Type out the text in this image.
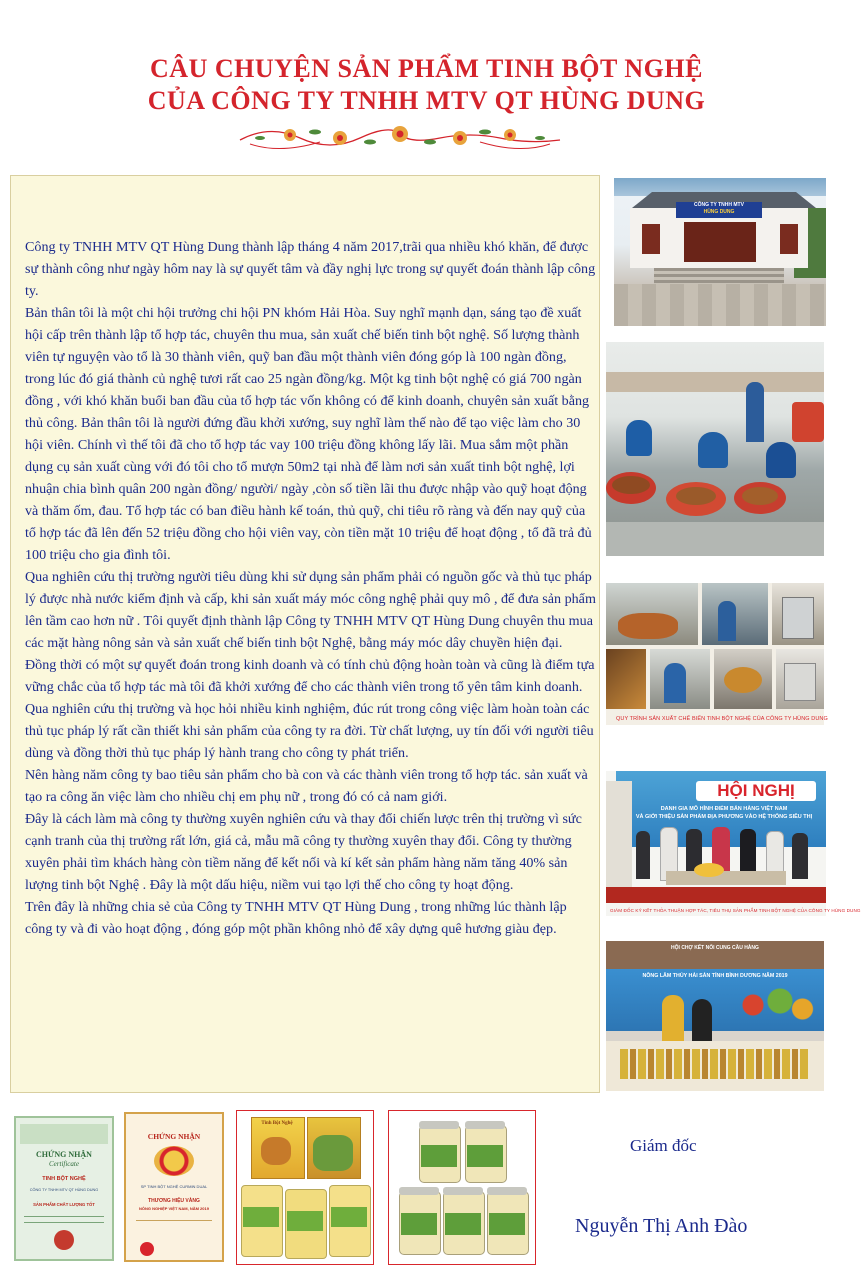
CÂU CHUYỆN SẢN PHẨM TINH BỘT NGHỆ
CỦA CÔNG TY TNHH MTV QT HÙNG DUNG

Công ty TNHH MTV QT Hùng Dung thành lập tháng 4 năm 2017,trãi qua nhiều khó khăn, để được sự thành công như ngày hôm nay là sự quyết tâm và đầy nghị lực trong sự quyết đoán thành lập công ty.

Bản thân tôi là một chi hội trưởng chi hội PN khóm Hải Hòa. Suy nghĩ mạnh dạn, sáng tạo đề xuất hội cấp trên thành lập tổ hợp tác, chuyên thu mua, sản xuất chế biến tinh bột nghệ. Số lượng thành viên tự nguyện vào tổ là 30 thành viên, quỹ ban đầu một thành viên đóng góp là 100 ngàn đồng, trong lúc đó giá thành củ nghệ tươi rất cao 25 ngàn đồng/kg. Một kg tinh bột nghệ có giá 700 ngàn đồng , với khó khăn buổi ban đầu của tổ hợp tác vốn không có để kinh doanh, chuyên sản xuất bằng thủ công. Bản thân tôi là người đứng đầu khởi xướng, suy nghĩ làm thế nào để tạo việc làm cho 30 hội viên. Chính vì thế tôi đã cho tổ hợp tác vay 100 triệu đồng không lấy lãi. Mua sắm một phần dụng cụ sản xuất cùng với đó tôi cho tổ mượn 50m2 tại nhà để làm nơi sản xuất tinh bột nghệ, lợi nhuận chia bình quân 200 ngàn đồng/ người/ ngày ,còn số tiền lãi thu được nhập vào quỹ hoạt động và thăm ốm, đau. Tổ hợp tác có ban điều hành kế toán, thủ quỹ, chi tiêu rõ ràng và đến nay quỹ của tổ hợp tác đã lên đến 52 triệu đồng cho hội viên vay, còn tiền mặt 10 triệu để hoạt động , tổ đã trả đủ 100 triệu cho gia đình tôi.

Qua nghiên cứu thị trường người tiêu dùng khi sử dụng sản phẩm phải có nguồn gốc và thủ tục pháp lý được nhà nước kiểm định và cấp, khi sản xuất máy móc công nghệ phải quy mô , để đưa sản phẩm lên tầm cao hơn nữ . Tôi quyết định thành lập Công ty TNHH MTV QT Hùng Dung chuyên thu mua các mặt hàng nông sản và sản xuất chế biến tinh bột Nghệ, bằng máy móc dây chuyền hiện đại.

Đồng thời có một sự quyết đoán trong kinh doanh và có tính chủ động hoàn toàn và cũng là điểm tựa vững chắc của tổ hợp tác mà tôi đã khởi xướng để cho các thành viên trong tổ yên tâm kinh doanh.

Qua nghiên cứu thị trường và học hỏi nhiều kinh nghiệm, đúc rút trong công việc làm hoàn toàn các thủ tục pháp lý rất cần thiết khi sản phẩm của công ty ra đời. Từ chất lượng, uy tín đối với người tiêu dùng và đồng thời thủ tục pháp lý hành trang cho công ty phát triển.

Nên hàng năm công ty bao tiêu sản phẩm cho bà con và các thành viên trong tổ hợp tác. sản xuất và tạo ra công ăn việc làm cho nhiều chị em phụ nữ , trong đó có cả nam giới.

Đây là cách làm mà công ty thường xuyên nghiên cứu và thay đổi chiến lược trên thị trường vì sức cạnh tranh của thị trường rất lớn, giá cả, mẫu mã công ty thường xuyên thay đổi. Công ty thường xuyên phải tìm khách hàng còn tiềm năng để kết nối và kí kết sản phẩm hàng năm tăng 40% sản lượng tinh bột Nghệ . Đây là một dấu hiệu, niềm vui tạo lợi thế cho công ty hoạt động.

Trên đây là những chia sẻ của Công ty TNHH MTV QT Hùng Dung , trong những lúc thành lập công ty và đi vào hoạt động , đóng góp một phần không nhỏ để xây dựng quê hương giàu đẹp.

CÔNG TY TNHH MTV
HÙNG DUNG
QUY TRÌNH SẢN XUẤT CHẾ BIẾN TINH BỘT NGHỆ CỦA CÔNG TY HÙNG DUNG
HỘI NGHỊ
DANH GIA MÔ HÌNH ĐIỂM BÁN HÀNG VIỆT NAM
VÀ GIỚI THIỆU SẢN PHẨM ĐỊA PHƯƠNG VÀO HỆ THỐNG SIÊU THỊ
GIÁM ĐỐC KÝ KẾT THỎA THUẬN HỢP TÁC, TIÊU THỤ SẢN PHẨM TINH BỘT NGHỆ CỦA CÔNG TY HÙNG DUNG
HỘI CHỢ KẾT NỐI CUNG CẦU HÀNG
NÔNG LÂM THỦY HẢI SẢN TỈNH BÌNH DƯƠNG NĂM 2019
CHỨNG NHẬN
Certificate
TINH BỘT NGHỆ
CÔNG TY TNHH MTV QT HÙNG DUNG
SẢN PHẨM CHẤT LƯỢNG TỐT
CHỨNG NHẬN
SP TINH BỘT NGHỆ CURMIN DUAL
THƯƠNG HIỆU VÀNG
NÔNG NGHIỆP VIỆT NAM, NĂM 2019
Tinh Bột Nghệ
Giám đốc
Nguyễn Thị Anh Đào
